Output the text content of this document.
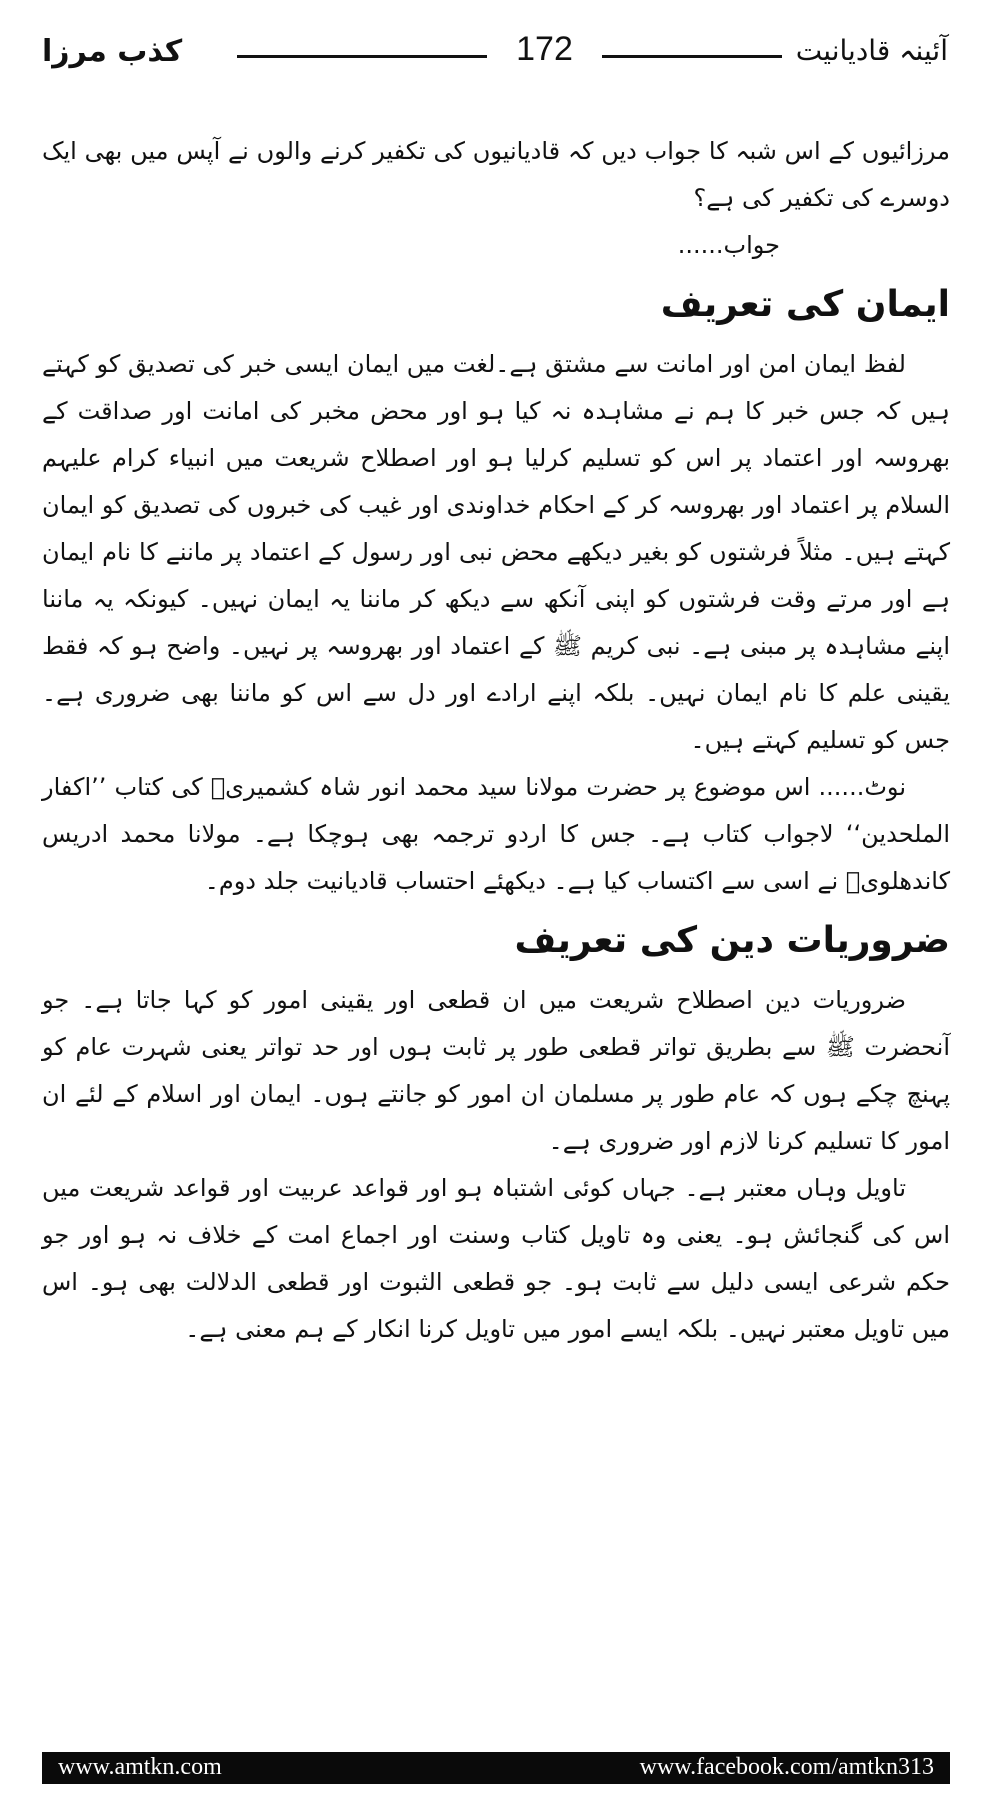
کذب مرزا	172	آئینہ قادیانیت

مرزائیوں کے اس شبہ کا جواب دیں کہ قادیانیوں کی تکفیر کرنے والوں نے آپس میں بھی ایک دوسرے کی تکفیر کی ہے؟

جواب......

ایمان کی تعریف

لفظ ایمان امن اور امانت سے مشتق ہے۔لغت میں ایمان ایسی خبر کی تصدیق کو کہتے ہیں کہ جس خبر کا ہم نے مشاہدہ نہ کیا ہو اور محض مخبر کی امانت اور صداقت کے بھروسہ اور اعتماد پر اس کو تسلیم کرلیا ہو اور اصطلاح شریعت میں انبیاء کرام علیہم السلام پر اعتماد اور بھروسہ کر کے احکام خداوندی اور غیب کی خبروں کی تصدیق کو ایمان کہتے ہیں۔ مثلاً فرشتوں کو بغیر دیکھے محض نبی اور رسول کے اعتماد پر ماننے کا نام ایمان ہے اور مرتے وقت فرشتوں کو اپنی آنکھ سے دیکھ کر ماننا یہ ایمان نہیں۔ کیونکہ یہ ماننا اپنے مشاہدہ پر مبنی ہے۔ نبی کریم ﷺ کے اعتماد اور بھروسہ پر نہیں۔ واضح ہو کہ فقط یقینی علم کا نام ایمان نہیں۔ بلکہ اپنے ارادے اور دل سے اس کو ماننا بھی ضروری ہے۔ جس کو تسلیم کہتے ہیں۔

نوٹ...... اس موضوع پر حضرت مولانا سید محمد انور شاہ کشمیریؒ کی کتاب ’’اکفار الملحدین‘‘ لاجواب کتاب ہے۔ جس کا اردو ترجمہ بھی ہوچکا ہے۔ مولانا محمد ادریس کاندھلویؒ نے اسی سے اکتساب کیا ہے۔ دیکھئے احتساب قادیانیت جلد دوم۔

ضروریات دین کی تعریف

ضروریات دین اصطلاح شریعت میں ان قطعی اور یقینی امور کو کہا جاتا ہے۔ جو آنحضرت ﷺ سے بطریق تواتر قطعی طور پر ثابت ہوں اور حد تواتر یعنی شہرت عام کو پہنچ چکے ہوں کہ عام طور پر مسلمان ان امور کو جانتے ہوں۔ ایمان اور اسلام کے لئے ان امور کا تسلیم کرنا لازم اور ضروری ہے۔

تاویل وہاں معتبر ہے۔ جہاں کوئی اشتباہ ہو اور قواعد عربیت اور قواعد شریعت میں اس کی گنجائش ہو۔ یعنی وہ تاویل کتاب وسنت اور اجماع امت کے خلاف نہ ہو اور جو حکم شرعی ایسی دلیل سے ثابت ہو۔ جو قطعی الثبوت اور قطعی الدلالت بھی ہو۔ اس میں تاویل معتبر نہیں۔ بلکہ ایسے امور میں تاویل کرنا انکار کے ہم معنی ہے۔

www.amtkn.com	www.facebook.com/amtkn313
